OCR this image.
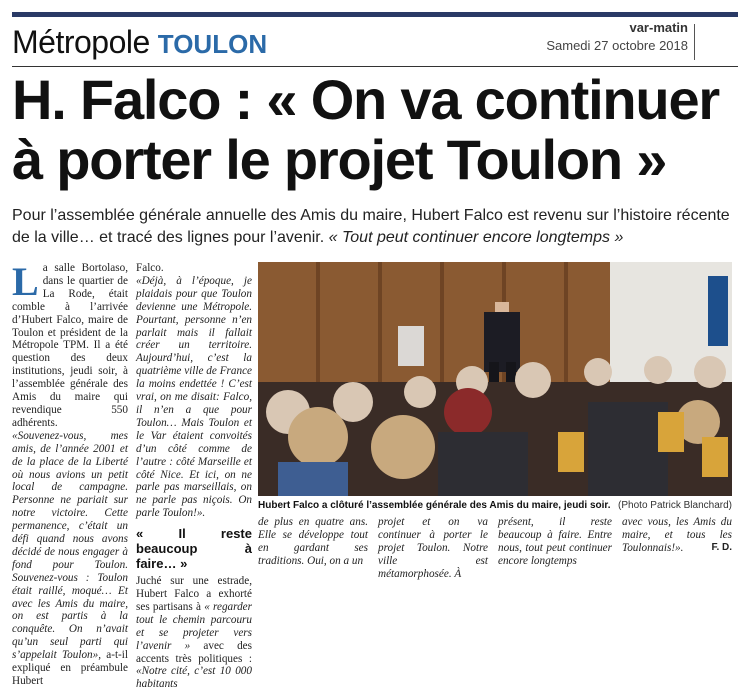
Métropole TOULON
var-matin
Samedi 27 octobre 2018
H. Falco : « On va continuer
à porter le projet Toulon »
Pour l’assemblée générale annuelle des Amis du maire, Hubert Falco est revenu sur l’histoire récente de la ville… et tracé des lignes pour l’avenir. « Tout peut continuer encore longtemps »

La salle Bortolaso, dans le quartier de La Rode, était comble à l’arrivée d’Hubert Falco, maire de Toulon et président de la Métropole TPM. Il a été question des deux institutions, jeudi soir, à l’assemblée générale des Amis du maire qui revendique 550 adhérents.

«Souvenez-vous, mes amis, de l’année 2001 et de la place de la Liberté où nous avions un petit local de campagne. Personne ne pariait sur notre victoire. Cette permanence, c’était un défi quand nous avons décidé de nous engager à fond pour Toulon. Souvenez-vous : Toulon était raillé, moqué… Et avec les Amis du maire, on est partis à la conquête. On n’avait qu’un seul parti qui s’appelait Toulon», a-t-il expliqué en préambule Hubert

Falco.

«Déjà, à l’époque, je plaidais pour que Toulon devienne une Métropole. Pourtant, personne n’en parlait mais il fallait créer un territoire. Aujourd’hui, c’est la quatrième ville de France la moins endettée ! C’est vrai, on me disait: Falco, il n’en a que pour Toulon… Mais Toulon et le Var étaient convoités d’un côté comme de l’autre : côté Marseille et côté Nice. Et ici, on ne parle pas marseillais, on ne parle pas niçois. On parle Toulon!».

« Il reste beaucoup à faire… »

Juché sur une estrade, Hubert Falco a exhorté ses partisans à « regarder tout le chemin parcouru et se projeter vers l’avenir » avec des accents très politiques : «Notre cité, c’est 10 000 habitants

Hubert Falco a clôturé l’assemblée générale des Amis du maire, jeudi soir. (Photo Patrick Blanchard)
de plus en quatre ans. Elle se développe tout en gardant ses traditions. Oui, on a un
projet et on va continuer à porter le projet Toulon. Notre ville est métamorphosée. À
présent, il reste beaucoup à faire. Entre nous, tout peut continuer encore longtemps
avec vous, les Amis du maire, et tous les Toulonnais!».	F. D.
